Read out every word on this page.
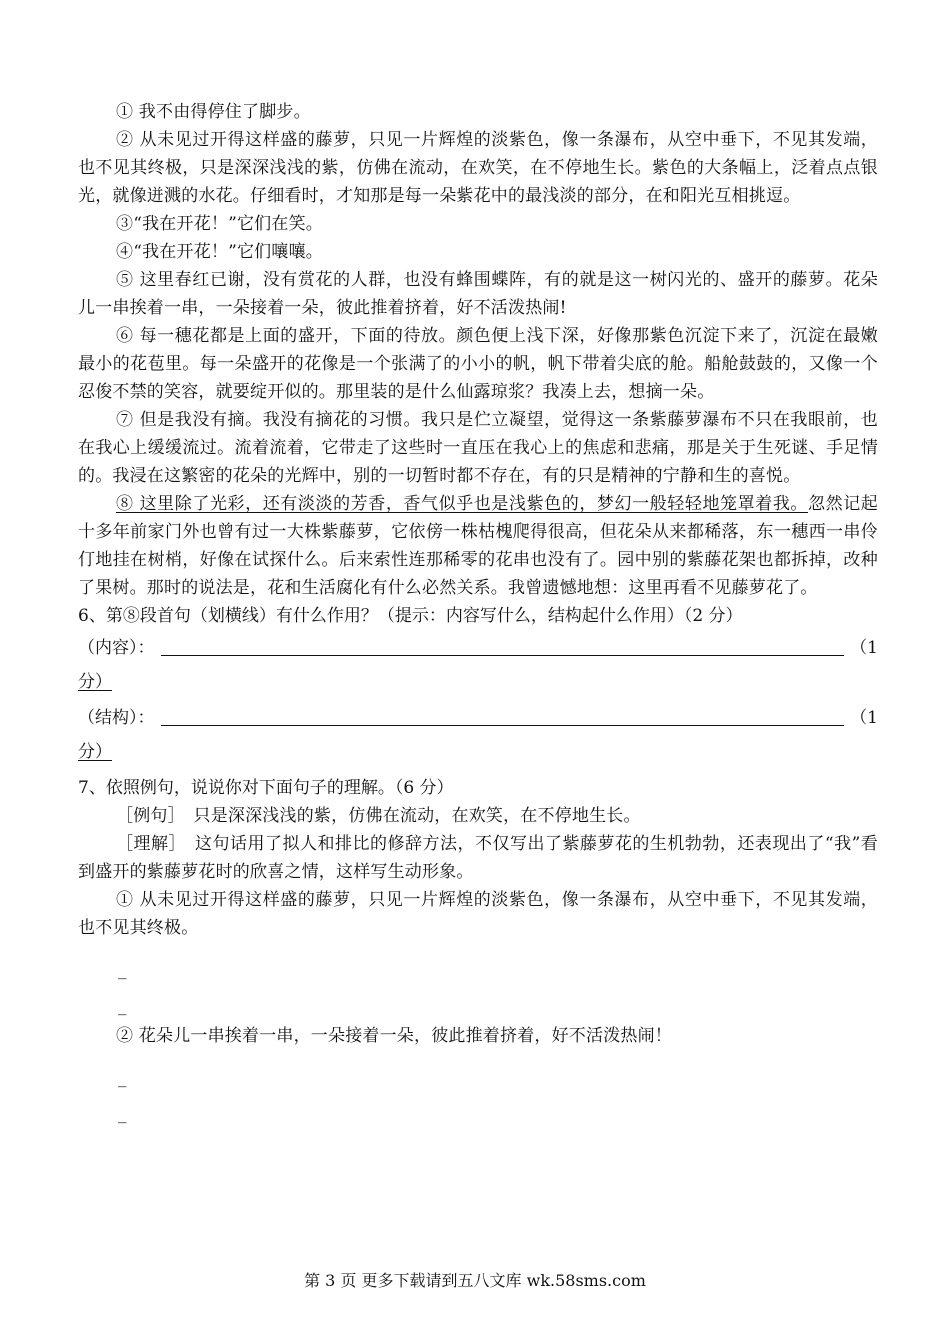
① 我不由得停住了脚步。

② 从未见过开得这样盛的藤萝，只见一片辉煌的淡紫色，像一条瀑布，从空中垂下，不见其发端，也不见其终极，只是深深浅浅的紫，仿佛在流动，在欢笑，在不停地生长。紫色的大条幅上，泛着点点银光，就像迸溅的水花。仔细看时，才知那是每一朵紫花中的最浅淡的部分，在和阳光互相挑逗。

③“我在开花！”它们在笑。

④“我在开花！”它们嚷嚷。

⑤ 这里春红已谢，没有赏花的人群，也没有蜂围蝶阵，有的就是这一树闪光的、盛开的藤萝。花朵儿一串挨着一串，一朵接着一朵，彼此推着挤着，好不活泼热闹!

⑥ 每一穗花都是上面的盛开，下面的待放。颜色便上浅下深，好像那紫色沉淀下来了，沉淀在最嫩最小的花苞里。每一朵盛开的花像是一个张满了的小小的帆，帆下带着尖底的舱。船舱鼓鼓的，又像一个忍俊不禁的笑容，就要绽开似的。那里装的是什么仙露琼浆？我凑上去，想摘一朵。

⑦ 但是我没有摘。我没有摘花的习惯。我只是伫立凝望，觉得这一条紫藤萝瀑布不只在我眼前，也在我心上缓缓流过。流着流着，它带走了这些时一直压在我心上的焦虑和悲痛，那是关于生死谜、手足情的。我浸在这繁密的花朵的光辉中，别的一切暂时都不存在，有的只是精神的宁静和生的喜悦。

⑧ 这里除了光彩，还有淡淡的芳香，香气似乎也是浅紫色的，梦幻一般轻轻地笼罩着我。忽然记起十多年前家门外也曾有过一大株紫藤萝，它依傍一株枯槐爬得很高，但花朵从来都稀落，东一穗西一串伶仃地挂在树梢，好像在试探什么。后来索性连那稀零的花串也没有了。园中别的紫藤花架也都拆掉，改种了果树。那时的说法是，花和生活腐化有什么必然关系。我曾遗憾地想：这里再看不见藤萝花了。

6、第⑧段首句（划横线）有什么作用？（提示：内容写什么，结构起什么作用）（2 分）

（内容）：	（1

分）

（结构）：	（1

分）

7、依照例句，说说你对下面句子的理解。（6 分）

［例句］　只是深深浅浅的紫，仿佛在流动，在欢笑，在不停地生长。

［理解］　这句话用了拟人和排比的修辞方法，不仅写出了紫藤萝花的生机勃勃，还表现出了“我”看到盛开的紫藤萝花时的欣喜之情，这样写生动形象。

① 从未见过开得这样盛的藤萝，只见一片辉煌的淡紫色，像一条瀑布，从空中垂下，不见其发端，也不见其终极。

_

_

② 花朵儿一串挨着一串，一朵接着一朵，彼此推着挤着，好不活泼热闹！

_

_

第 3 页 更多下载请到五八文库 wk.58sms.com
